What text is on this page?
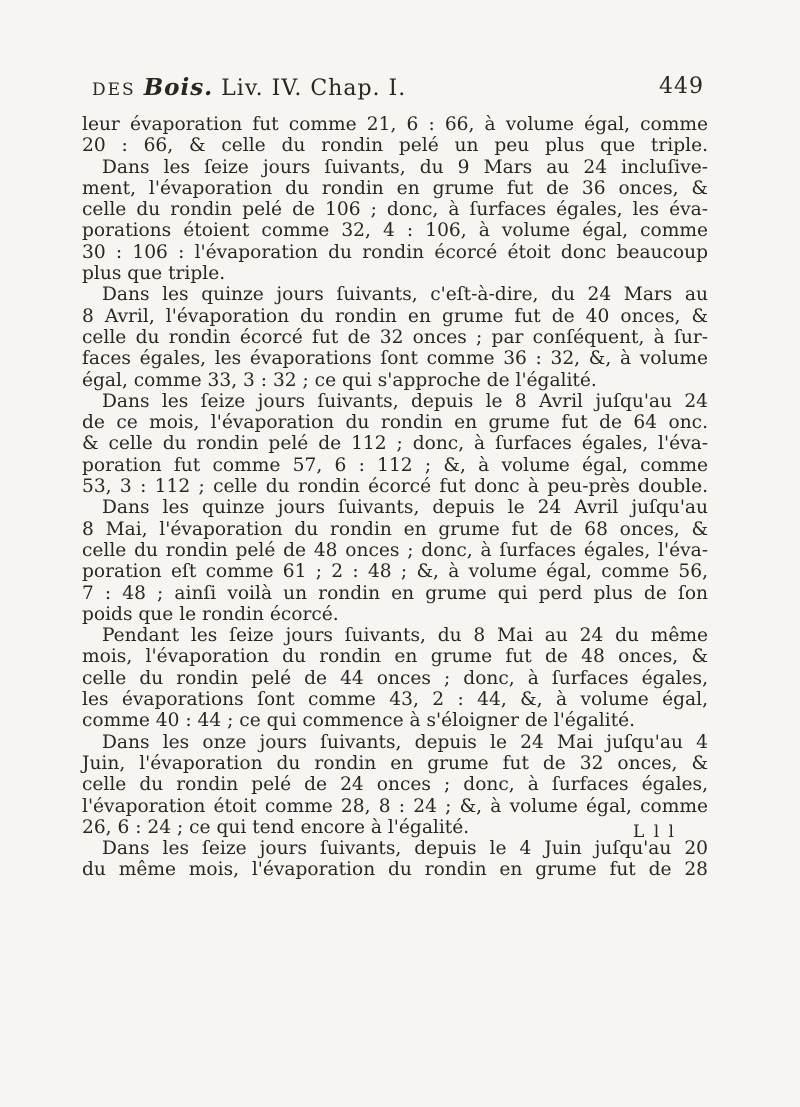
DES Bois. Liv. IV. Chap. I.	449
leur évaporation fut comme 21, 6 : 66, à volume égal, comme
20 : 66, & celle du rondin pelé un peu plus que triple.
Dans les ſeize jours ſuivants, du 9 Mars au 24 incluſive-
ment, l'évaporation du rondin en grume fut de 36 onces, &
celle du rondin pelé de 106 ; donc, à ſurfaces égales, les éva-
porations étoient comme 32, 4 : 106, à volume égal, comme
30 : 106 : l'évaporation du rondin écorcé étoit donc beaucoup
plus que triple.
Dans les quinze jours ſuivants, c'eſt-à-dire, du 24 Mars au
8 Avril, l'évaporation du rondin en grume fut de 40 onces, &
celle du rondin écorcé fut de 32 onces ; par conſéquent, à ſur-
faces égales, les évaporations ſont comme 36 : 32, &, à volume
égal, comme 33, 3 : 32 ; ce qui s'approche de l'égalité.
Dans les ſeize jours ſuivants, depuis le 8 Avril juſqu'au 24
de ce mois, l'évaporation du rondin en grume fut de 64 onc.
& celle du rondin pelé de 112 ; donc, à ſurfaces égales, l'éva-
poration fut comme 57, 6 : 112 ; &, à volume égal, comme
53, 3 : 112 ; celle du rondin écorcé fut donc à peu-près double.
Dans les quinze jours ſuivants, depuis le 24 Avril juſqu'au
8 Mai, l'évaporation du rondin en grume fut de 68 onces, &
celle du rondin pelé de 48 onces ; donc, à ſurfaces égales, l'éva-
poration eſt comme 61 ; 2 : 48 ; &, à volume égal, comme 56,
7 : 48 ; ainſi voilà un rondin en grume qui perd plus de ſon
poids que le rondin écorcé.
Pendant les ſeize jours ſuivants, du 8 Mai au 24 du même
mois, l'évaporation du rondin en grume fut de 48 onces, &
celle du rondin pelé de 44 onces ; donc, à ſurfaces égales,
les évaporations ſont comme 43, 2 : 44, &, à volume égal,
comme 40 : 44 ; ce qui commence à s'éloigner de l'égalité.
Dans les onze jours ſuivants, depuis le 24 Mai juſqu'au 4
Juin, l'évaporation du rondin en grume fut de 32 onces, &
celle du rondin pelé de 24 onces ; donc, à ſurfaces égales,
l'évaporation étoit comme 28, 8 : 24 ; &, à volume égal, comme
26, 6 : 24 ; ce qui tend encore à l'égalité.
Dans les ſeize jours ſuivants, depuis le 4 Juin juſqu'au 20
du même mois, l'évaporation du rondin en grume fut de 28
L l l
